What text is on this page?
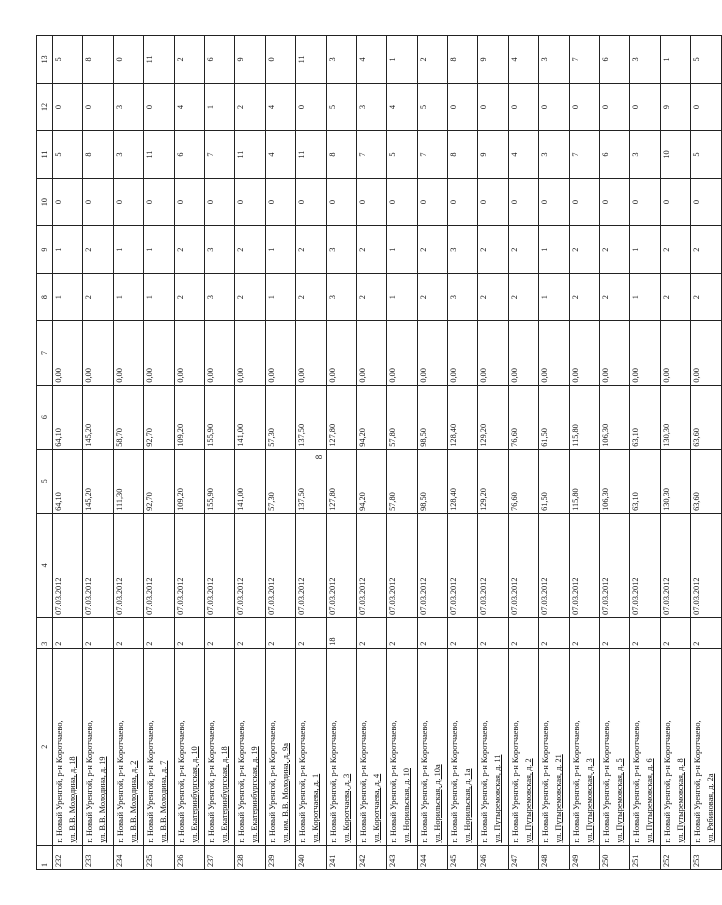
8
1	2	3	4	5	6	7	8	9	10	11	12	13
232	г. Новый Уренгой, р-н Коротчаево, ул. В.В. Молодина, д. 18	2	07.03.2012	64,10	64,10	0,00	1	1	0	5	0	5
233	г. Новый Уренгой, р-н Коротчаево, ул. В.В. Молодина, д. 19	2	07.03.2012	145,20	145,20	0,00	2	2	0	8	0	8
234	г. Новый Уренгой, р-н Коротчаево, ул. В.В. Молодина, д. 2	2	07.03.2012	111,30	58,70	0,00	1	1	0	3	3	0
235	г. Новый Уренгой, р-н Коротчаево, ул. В.В. Молодина, д. 7	2	07.03.2012	92,70	92,70	0,00	1	1	0	11	0	11
236	г. Новый Уренгой, р-н Коротчаево, ул. Екатеринбургская, д. 10	2	07.03.2012	109,20	109,20	0,00	2	2	0	6	4	2
237	г. Новый Уренгой, р-н Коротчаево, ул. Екатеринбургская, д. 18	2	07.03.2012	155,90	155,90	0,00	3	3	0	7	1	6
238	г. Новый Уренгой, р-н Коротчаево, ул. Екатеринбургская, д. 19	2	07.03.2012	141,00	141,00	0,00	2	2	0	11	2	9
239	г. Новый Уренгой, р-н Коротчаево, ул. им. В.В. Молодина, д. 9а	2	07.03.2012	57,30	57,30	0,00	1	1	0	4	4	0
240	г. Новый Уренгой, р-н Коротчаево, ул. Коротчаева, д. 1	2	07.03.2012	137,50	137,50	0,00	2	2	0	11	0	11
241	г. Новый Уренгой, р-н Коротчаево, ул. Коротчаева, д. 3	18	07.03.2012	127,80	127,80	0,00	3	3	0	8	5	3
242	г. Новый Уренгой, р-н Коротчаево, ул. Коротчаева, д. 4	2	07.03.2012	94,20	94,20	0,00	2	2	0	7	3	4
243	г. Новый Уренгой, р-н Коротчаево, ул. Норильская, д. 10	2	07.03.2012	57,80	57,80	0,00	1	1	0	5	4	1
244	г. Новый Уренгой, р-н Коротчаево, ул. Норильская, д. 10а	2	07.03.2012	98,50	98,50	0,00	2	2	0	7	5	2
245	г. Новый Уренгой, р-н Коротчаево, ул. Норильская, д. 1а	2	07.03.2012	128,40	128,40	0,00	3	3	0	8	0	8
246	г. Новый Уренгой, р-н Коротчаево, ул. Путыремовская, д. 11	2	07.03.2012	129,20	129,20	0,00	2	2	0	9	0	9
247	г. Новый Уренгой, р-н Коротчаево, ул. Путыремовская, д. 2	2	07.03.2012	76,60	76,60	0,00	2	2	0	4	0	4
248	г. Новый Уренгой, р-н Коротчаево, ул. Путыремовская, д. 21	2	07.03.2012	61,50	61,50	0,00	1	1	0	3	0	3
249	г. Новый Уренгой, р-н Коротчаево, ул. Путыремовская, д. 3	2	07.03.2012	115,80	115,80	0,00	2	2	0	7	0	7
250	г. Новый Уренгой, р-н Коротчаево, ул. Путыремовская, д. 5	2	07.03.2012	106,30	106,30	0,00	2	2	0	6	0	6
251	г. Новый Уренгой, р-н Коротчаево, ул. Путыремовская, д. 6	2	07.03.2012	63,10	63,10	0,00	1	1	0	3	0	3
252	г. Новый Уренгой, р-н Коротчаево, ул. Путыремовская, д. 8	2	07.03.2012	130,30	130,30	0,00	2	2	0	10	9	1
253	г. Новый Уренгой, р-н Коротчаево, ул. Рябиновая, д. 2а	2	07.03.2012	63,60	63,60	0,00	2	2	0	5	0	5
